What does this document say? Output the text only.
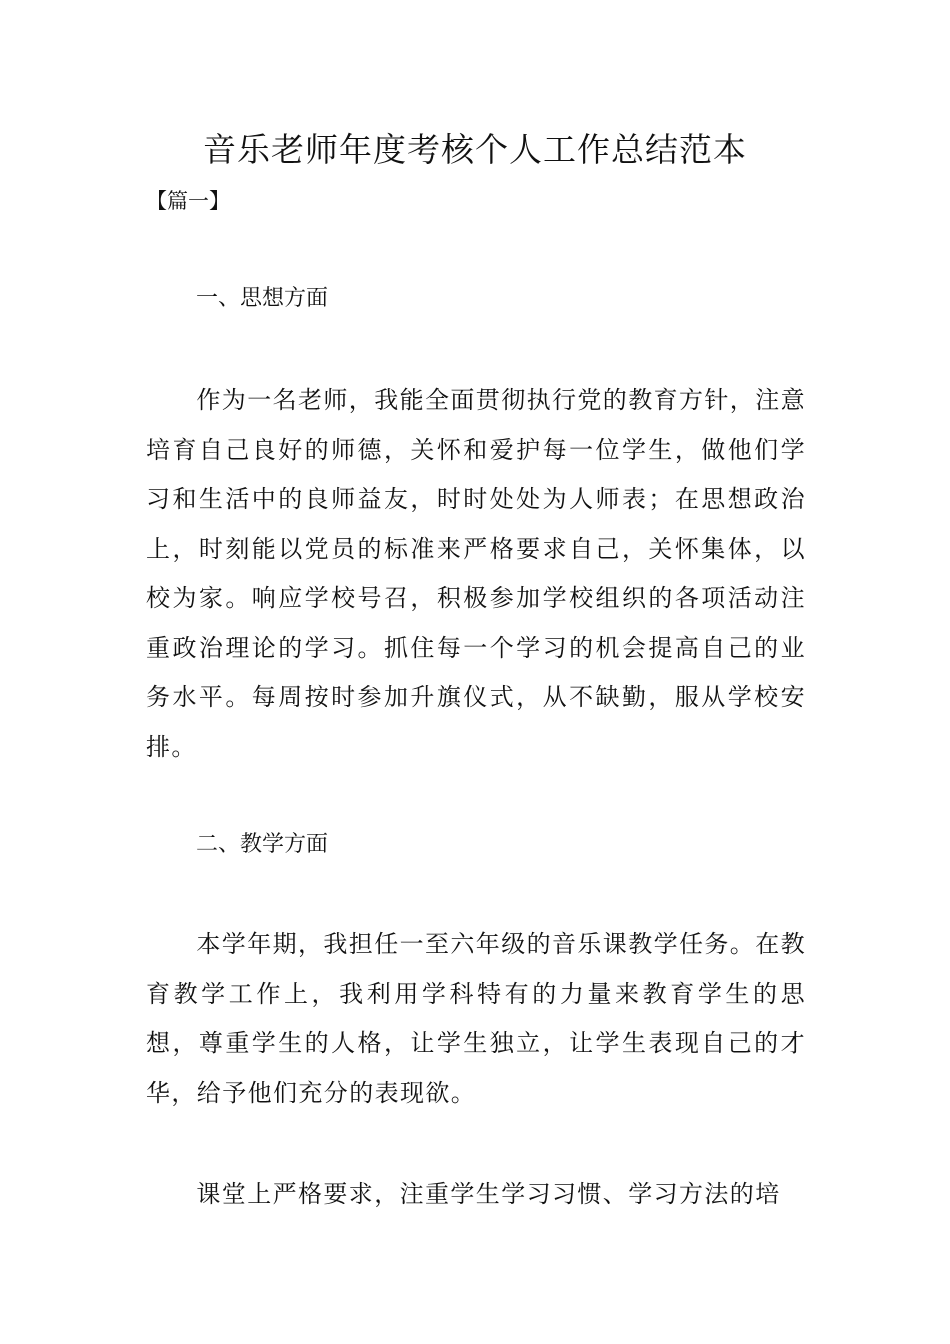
音乐老师年度考核个人工作总结范本

【篇一】

一、思想方面

作为一名老师，我能全面贯彻执行党的教育方针，注意培育自己良好的师德，关怀和爱护每一位学生，做他们学习和生活中的良师益友，时时处处为人师表；在思想政治上，时刻能以党员的标准来严格要求自己，关怀集体，以校为家。响应学校号召，积极参加学校组织的各项活动注重政治理论的学习。抓住每一个学习的机会提高自己的业务水平。每周按时参加升旗仪式，从不缺勤，服从学校安排。

二、教学方面

本学年期，我担任一至六年级的音乐课教学任务。在教育教学工作上，我利用学科特有的力量来教育学生的思想，尊重学生的人格，让学生独立，让学生表现自己的才华，给予他们充分的表现欲。

课堂上严格要求，注重学生学习习惯、学习方法的培
